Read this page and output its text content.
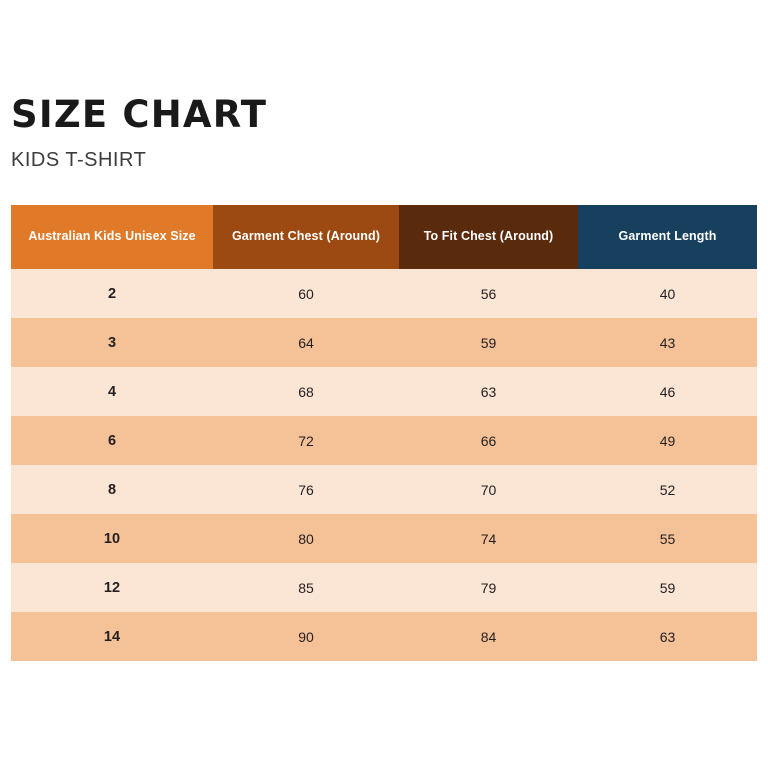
SIZE CHART
KIDS T-SHIRT
Australian Kids Unisex Size	Garment Chest (Around)	To Fit Chest (Around)	Garment Length
2	60	56	40
3	64	59	43
4	68	63	46
6	72	66	49
8	76	70	52
10	80	74	55
12	85	79	59
14	90	84	63
